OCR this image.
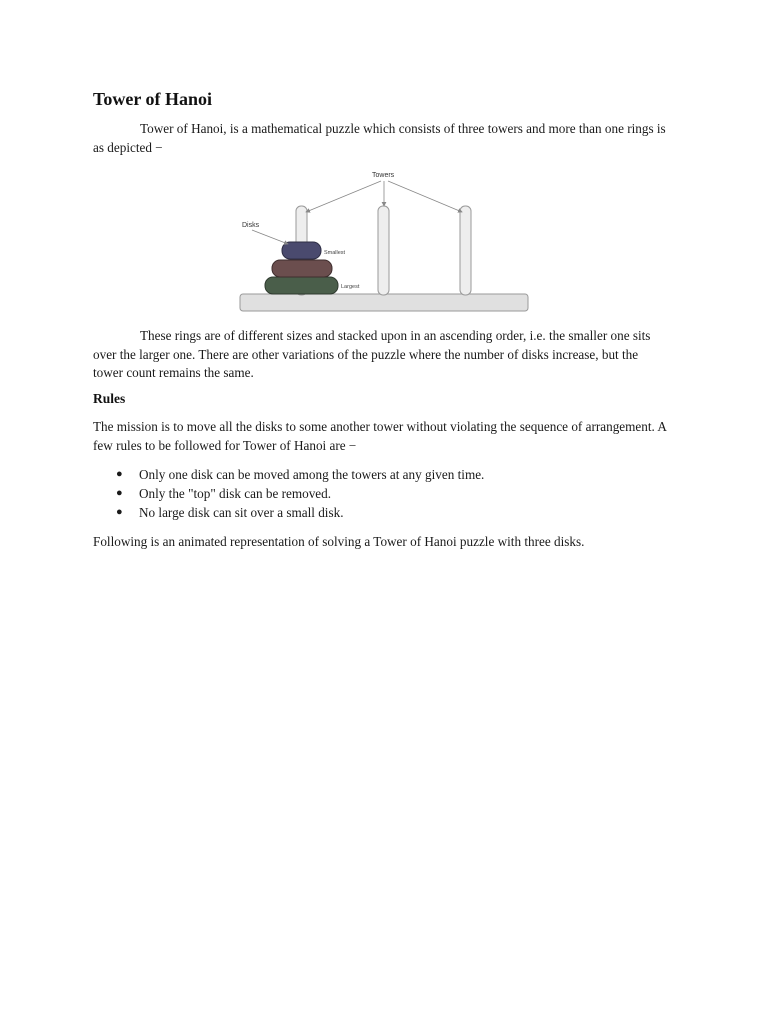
Tower of Hanoi

Tower of Hanoi, is a mathematical puzzle which consists of three towers and more than one rings is as depicted −

Towers
Disks
Smallest
Largest

These rings are of different sizes and stacked upon in an ascending order, i.e. the smaller one sits over the larger one. There are other variations of the puzzle where the number of disks increase, but the tower count remains the same.

Rules

The mission is to move all the disks to some another tower without violating the sequence of arrangement. A few rules to be followed for Tower of Hanoi are −

● Only one disk can be moved among the towers at any given time.
● Only the "top" disk can be removed.
● No large disk can sit over a small disk.

Following is an animated representation of solving a Tower of Hanoi puzzle with three disks.
